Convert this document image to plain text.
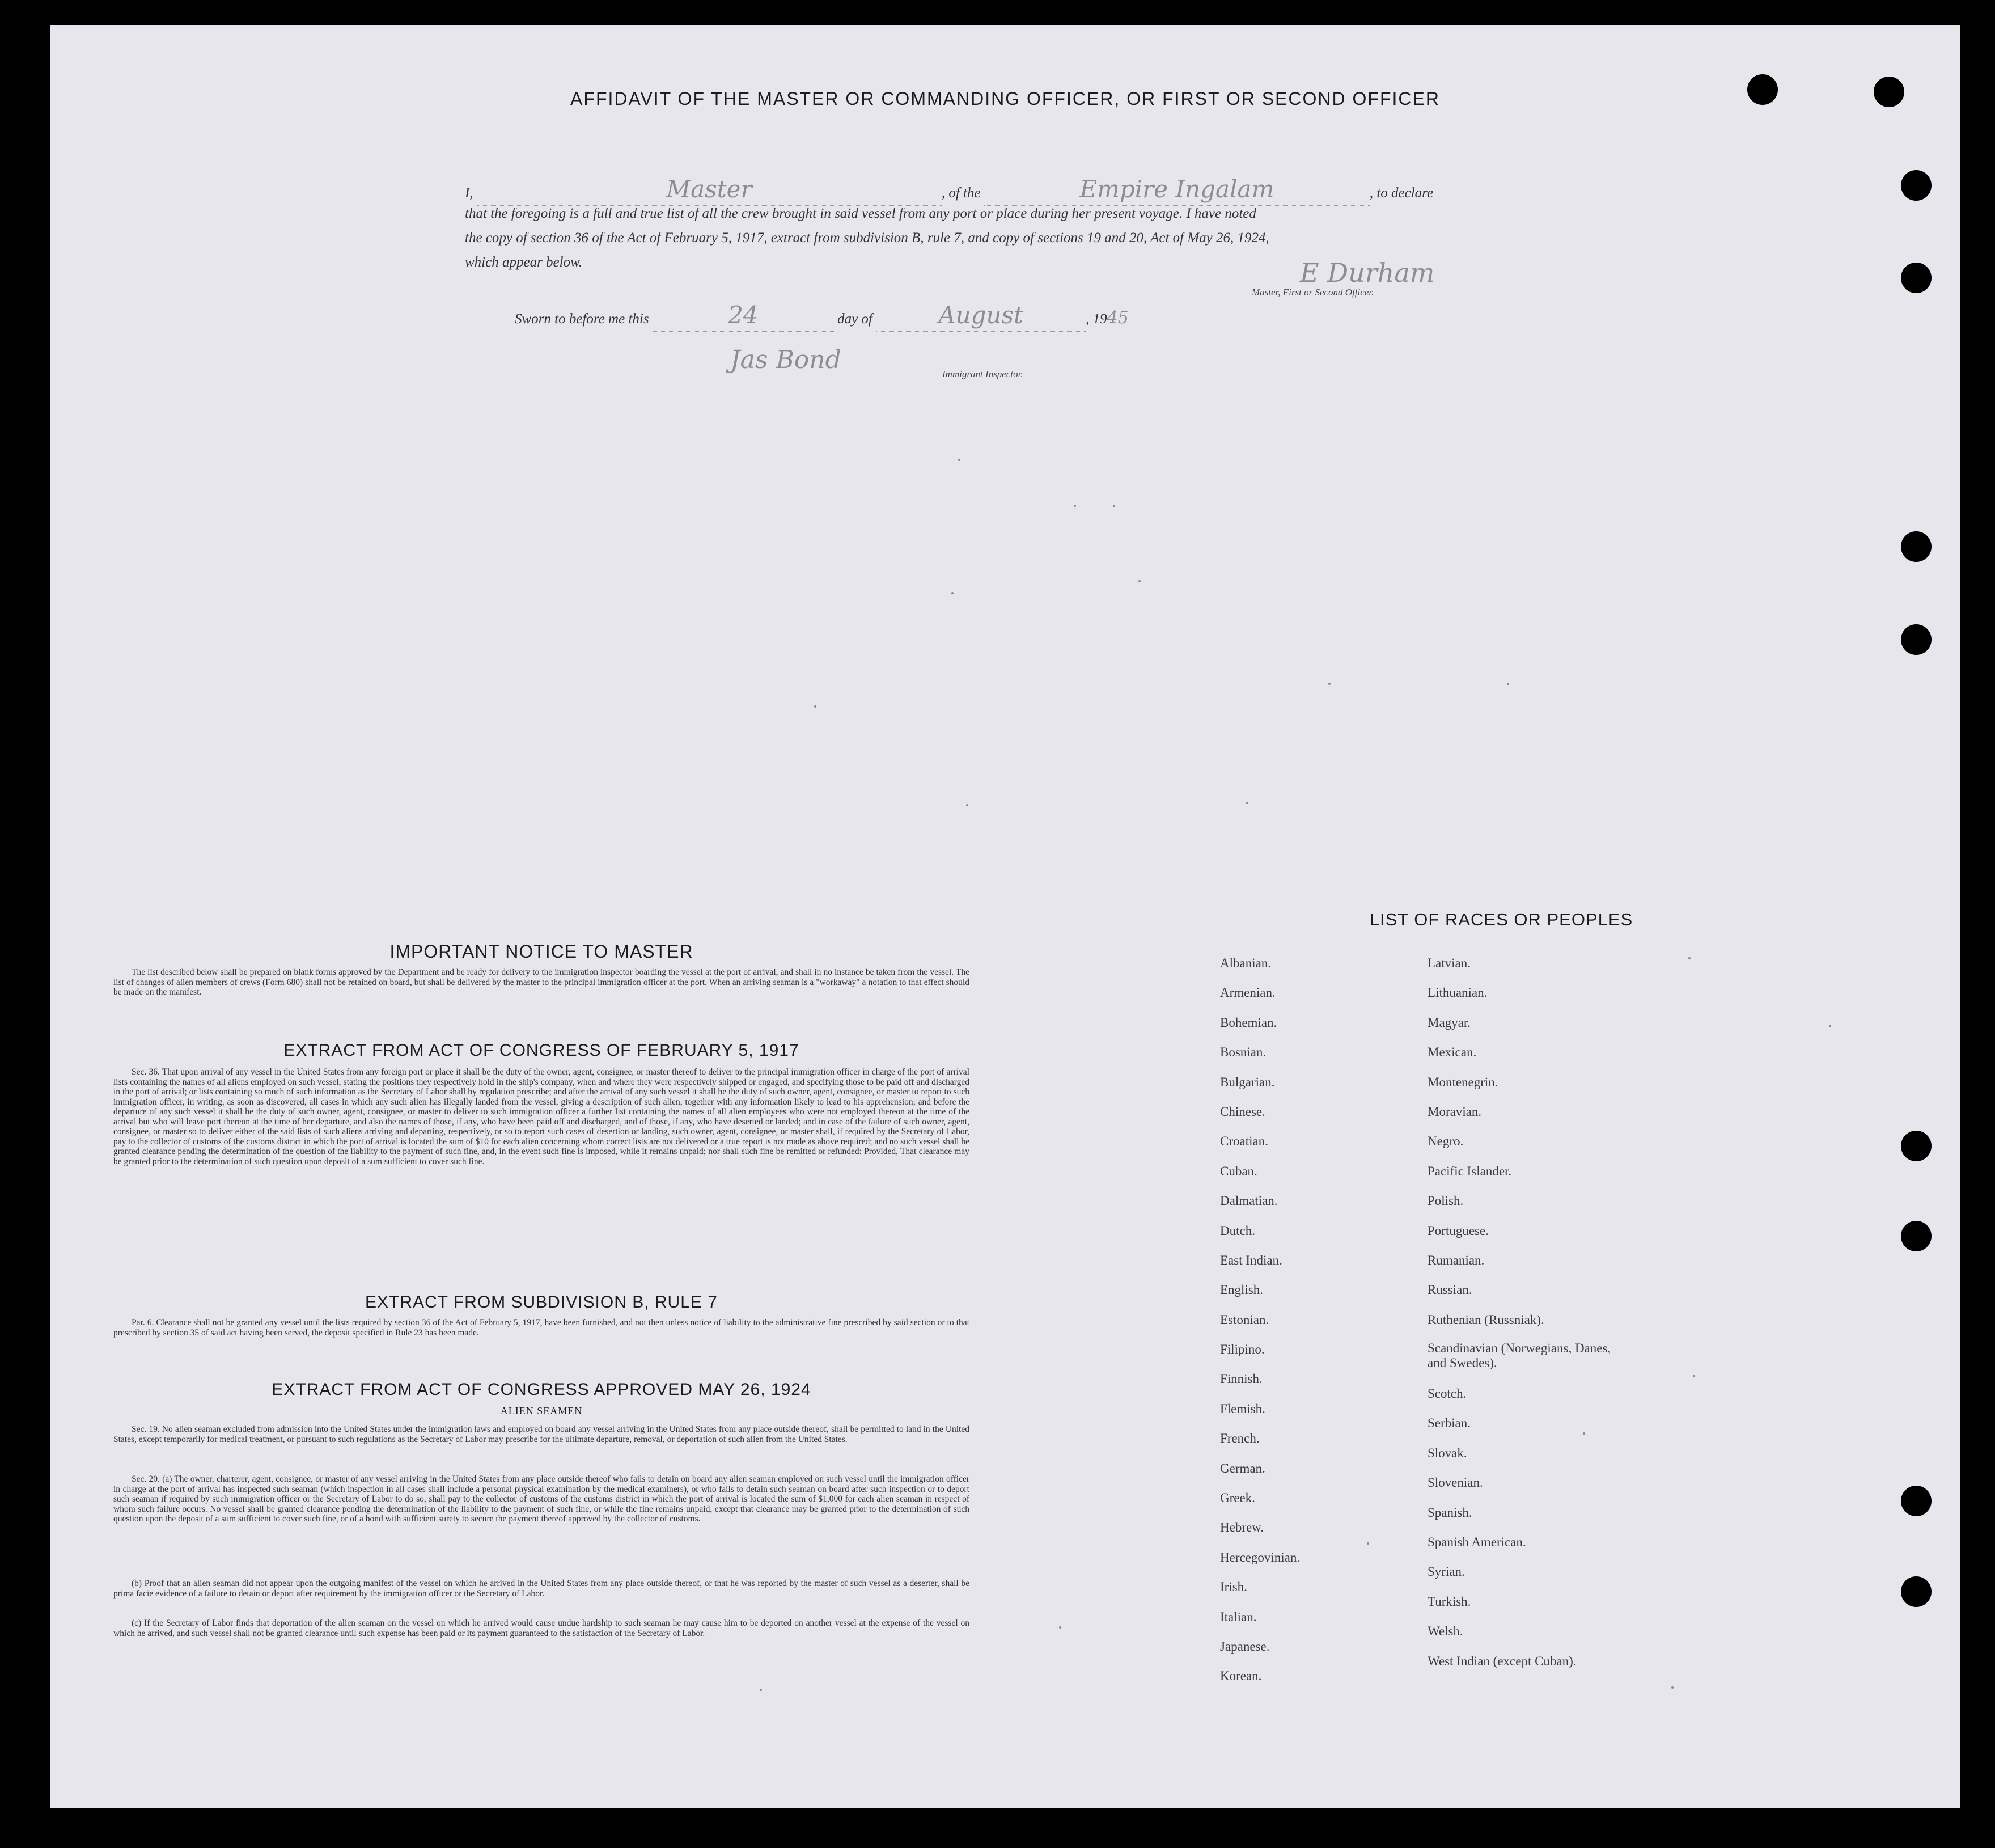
AFFIDAVIT OF THE MASTER OR COMMANDING OFFICER, OR FIRST OR SECOND OFFICER
I,	Master	, of the	Empire Ingalam	, to declare
that the foregoing is a full and true list of all the crew brought in said vessel from any port or place during her present voyage. I have noted
the copy of section 36 of the Act of February 5, 1917, extract from subdivision B, rule 7, and copy of sections 19 and 20, Act of May 26, 1924,
which appear below.	E Durham
Master, First or Second Officer.
Sworn to before me this	24	day of	August	, 1945
Jas Bond	Immigrant Inspector.
IMPORTANT NOTICE TO MASTER
The list described below shall be prepared on blank forms approved by the Department and be ready for delivery to the immigration inspector boarding the vessel at the port of arrival, and shall in no instance be taken from the vessel. The list of changes of alien members of crews (Form 680) shall not be retained on board, but shall be delivered by the master to the principal immigration officer at the port. When an arriving seaman is a "workaway" a notation to that effect should be made on the manifest.
EXTRACT FROM ACT OF CONGRESS OF FEBRUARY 5, 1917
Sec. 36. That upon arrival of any vessel in the United States from any foreign port or place it shall be the duty of the owner, agent, consignee, or master thereof to deliver to the principal immigration officer in charge of the port of arrival lists containing the names of all aliens employed on such vessel, stating the positions they respectively hold in the ship's company, when and where they were respectively shipped or engaged, and specifying those to be paid off and discharged in the port of arrival; or lists containing so much of such information as the Secretary of Labor shall by regulation prescribe; and after the arrival of any such vessel it shall be the duty of such owner, agent, consignee, or master to report to such immigration officer, in writing, as soon as discovered, all cases in which any such alien has illegally landed from the vessel, giving a description of such alien, together with any information likely to lead to his apprehension; and before the departure of any such vessel it shall be the duty of such owner, agent, consignee, or master to deliver to such immigration officer a further list containing the names of all alien employees who were not employed thereon at the time of the arrival but who will leave port thereon at the time of her departure, and also the names of those, if any, who have been paid off and discharged, and of those, if any, who have deserted or landed; and in case of the failure of such owner, agent, consignee, or master so to deliver either of the said lists of such aliens arriving and departing, respectively, or so to report such cases of desertion or landing, such owner, agent, consignee, or master shall, if required by the Secretary of Labor, pay to the collector of customs of the customs district in which the port of arrival is located the sum of $10 for each alien concerning whom correct lists are not delivered or a true report is not made as above required; and no such vessel shall be granted clearance pending the determination of the question of the liability to the payment of such fine, and, in the event such fine is imposed, while it remains unpaid; nor shall such fine be remitted or refunded: Provided, That clearance may be granted prior to the determination of such question upon deposit of a sum sufficient to cover such fine.
EXTRACT FROM SUBDIVISION B, RULE 7
Par. 6. Clearance shall not be granted any vessel until the lists required by section 36 of the Act of February 5, 1917, have been furnished, and not then unless notice of liability to the administrative fine prescribed by said section or to that prescribed by section 35 of said act having been served, the deposit specified in Rule 23 has been made.
EXTRACT FROM ACT OF CONGRESS APPROVED MAY 26, 1924
ALIEN SEAMEN
Sec. 19. No alien seaman excluded from admission into the United States under the immigration laws and employed on board any vessel arriving in the United States from any place outside thereof, shall be permitted to land in the United States, except temporarily for medical treatment, or pursuant to such regulations as the Secretary of Labor may prescribe for the ultimate departure, removal, or deportation of such alien from the United States.
Sec. 20. (a) The owner, charterer, agent, consignee, or master of any vessel arriving in the United States from any place outside thereof who fails to detain on board any alien seaman employed on such vessel until the immigration officer in charge at the port of arrival has inspected such seaman (which inspection in all cases shall include a personal physical examination by the medical examiners), or who fails to detain such seaman on board after such inspection or to deport such seaman if required by such immigration officer or the Secretary of Labor to do so, shall pay to the collector of customs of the customs district in which the port of arrival is located the sum of $1,000 for each alien seaman in respect of whom such failure occurs. No vessel shall be granted clearance pending the determination of the liability to the payment of such fine, or while the fine remains unpaid, except that clearance may be granted prior to the determination of such question upon the deposit of a sum sufficient to cover such fine, or of a bond with sufficient surety to secure the payment thereof approved by the collector of customs.
(b) Proof that an alien seaman did not appear upon the outgoing manifest of the vessel on which he arrived in the United States from any place outside thereof, or that he was reported by the master of such vessel as a deserter, shall be prima facie evidence of a failure to detain or deport after requirement by the immigration officer or the Secretary of Labor.
(c) If the Secretary of Labor finds that deportation of the alien seaman on the vessel on which he arrived would cause undue hardship to such seaman he may cause him to be deported on another vessel at the expense of the vessel on which he arrived, and such vessel shall not be granted clearance until such expense has been paid or its payment guaranteed to the satisfaction of the Secretary of Labor.
LIST OF RACES OR PEOPLES
Albanian.
Armenian.
Bohemian.
Bosnian.
Bulgarian.
Chinese.
Croatian.
Cuban.
Dalmatian.
Dutch.
East Indian.
English.
Estonian.
Filipino.
Finnish.
Flemish.
French.
German.
Greek.
Hebrew.
Hercegovinian.
Irish.
Italian.
Japanese.
Korean.
Latvian.
Lithuanian.
Magyar.
Mexican.
Montenegrin.
Moravian.
Negro.
Pacific Islander.
Polish.
Portuguese.
Rumanian.
Russian.
Ruthenian (Russniak).
Scandinavian (Norwegians, Danes, and Swedes).
Scotch.
Serbian.
Slovak.
Slovenian.
Spanish.
Spanish American.
Syrian.
Turkish.
Welsh.
West Indian (except Cuban).
